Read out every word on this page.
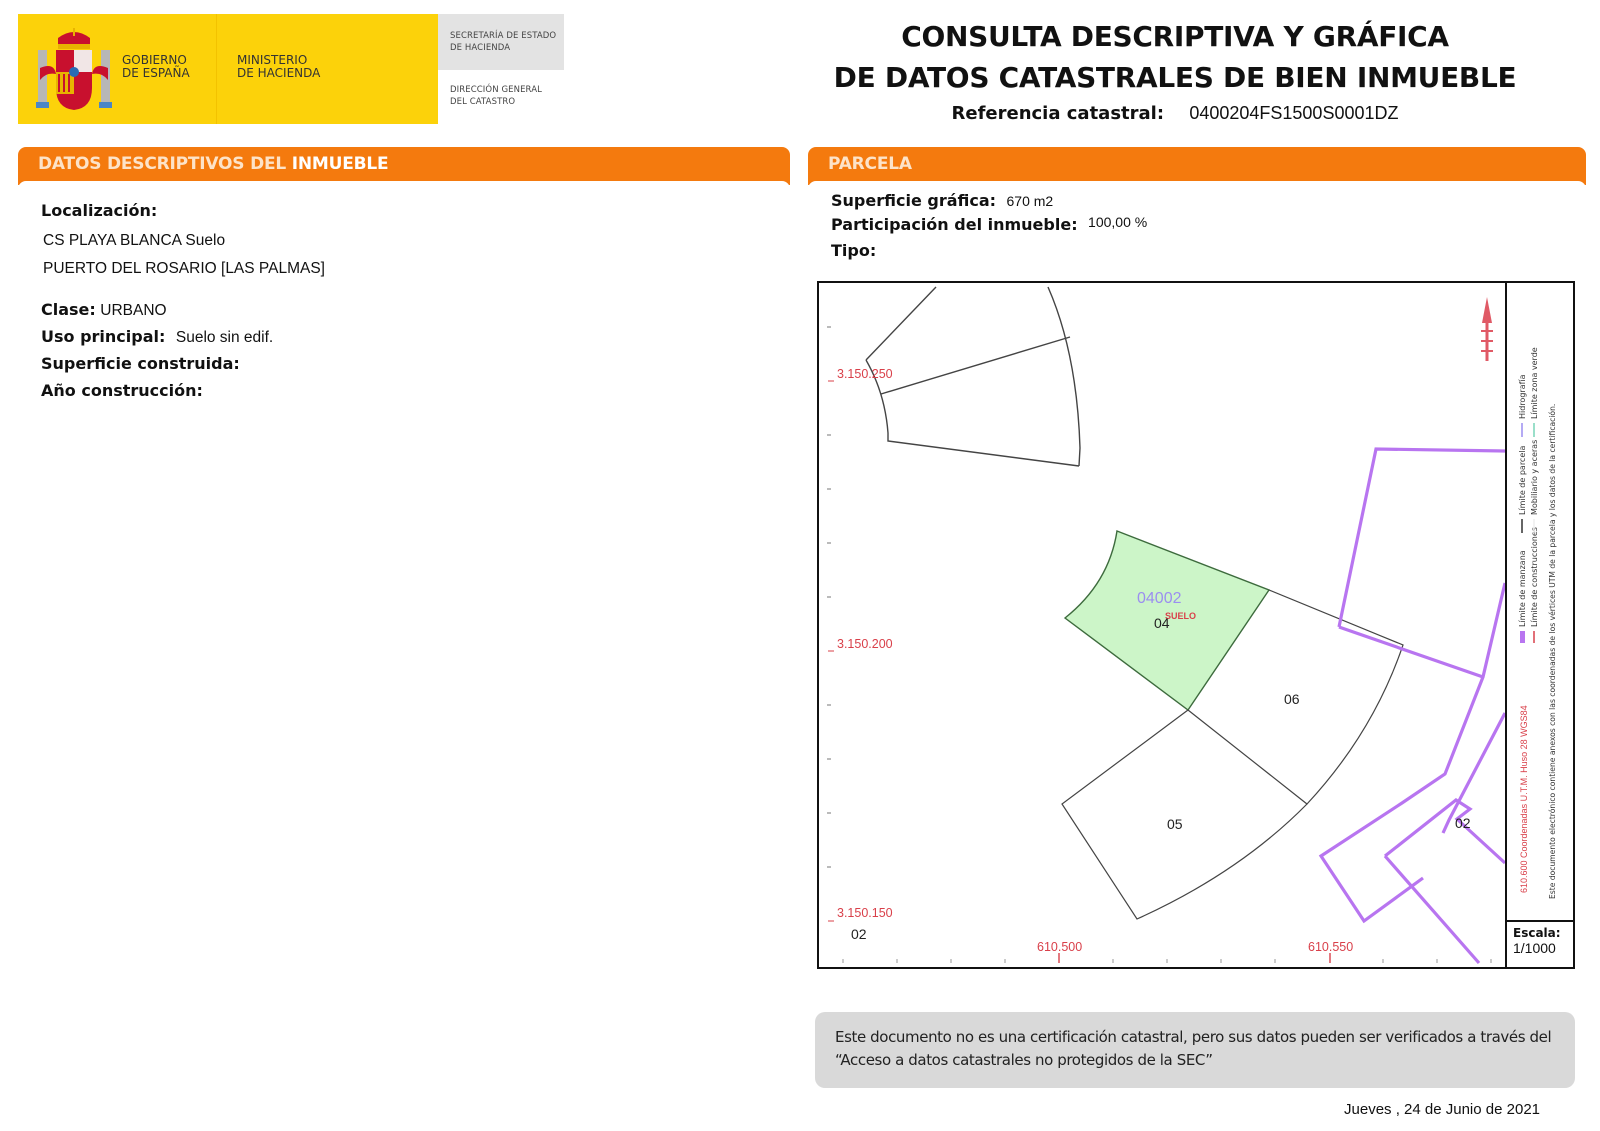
GOBIERNO
DE ESPAÑA
MINISTERIO
DE HACIENDA
SECRETARÍA DE ESTADO
DE HACIENDA
DIRECCIÓN GENERAL
DEL CATASTRO
CONSULTA DESCRIPTIVA Y GRÁFICA
DE DATOS CATASTRALES DE BIEN INMUEBLE
Referencia catastral: 0400204FS1500S0001DZ
DATOS DESCRIPTIVOS DEL INMUEBLE
Localización:
CS PLAYA BLANCA Suelo
PUERTO DEL ROSARIO [LAS PALMAS]
Clase: URBANO
Uso principal: Suelo sin edif.
Superficie construida:
Año construcción:
PARCELA
Superficie gráfica: 670 m2
Participación del inmueble: 100,00 %
Tipo:
3.150.250
3.150.200
3.150.150
610.500	610.550
04002
SUELO
04
06
05
02
02
Límite de manzana
Límite de parcela
Hidrografía
Límite de construcciones
Mobiliario y aceras
Límite zona verde
610.600 Coordenadas U.T.M. Huso 28 WGS84	Este documento electrónico contiene anexos con las coordenadas de los vértices UTM de la parcela y los datos de la certificación.
Escala:
1/1000
Este documento no es una certificación catastral, pero sus datos pueden ser verificados a través del “Acceso a datos catastrales no protegidos de la SEC”
Jueves , 24 de Junio de 2021
